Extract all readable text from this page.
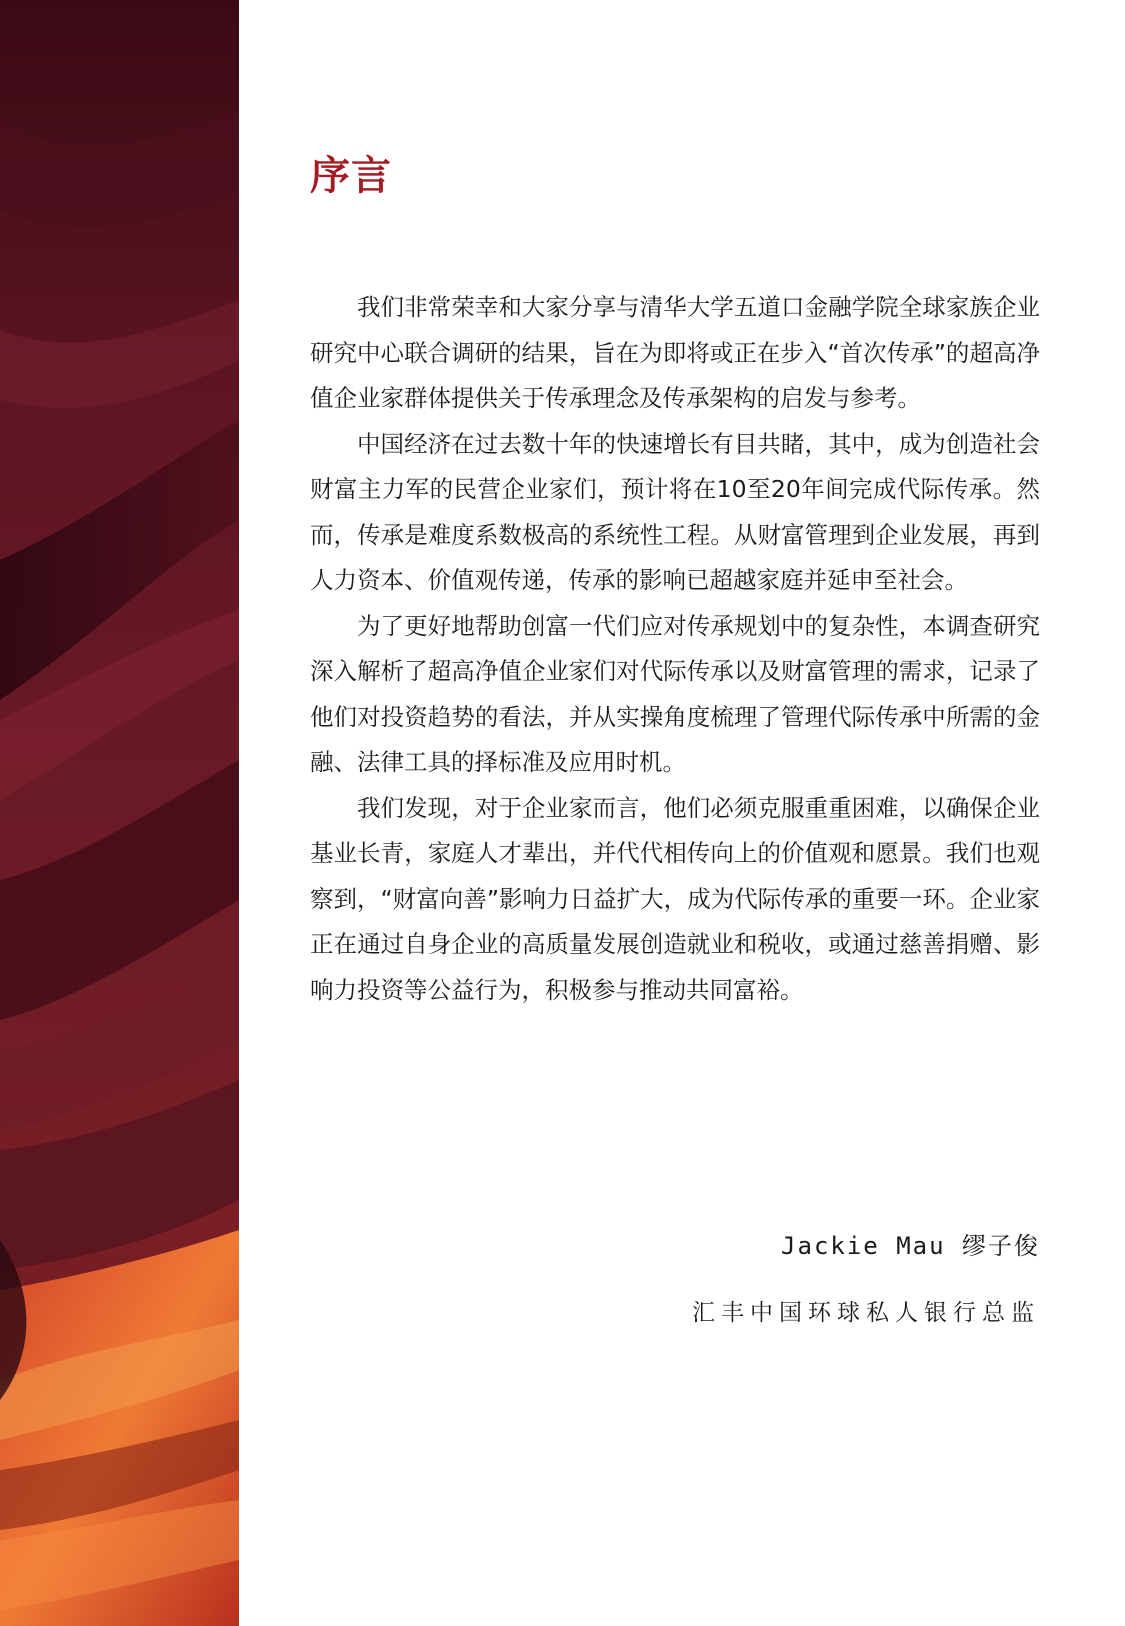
序言

我们非常荣幸和大家分享与清华大学五道口金融学院全球家族企业研究中心联合调研的结果，旨在为即将或正在步入“首次传承”的超高净值企业家群体提供关于传承理念及传承架构的启发与参考。

中国经济在过去数十年的快速增长有目共睹，其中，成为创造社会财富主力军的民营企业家们，预计将在10至20年间完成代际传承。然而，传承是难度系数极高的系统性工程。从财富管理到企业发展，再到人力资本、价值观传递，传承的影响已超越家庭并延申至社会。

为了更好地帮助创富一代们应对传承规划中的复杂性，本调查研究深入解析了超高净值企业家们对代际传承以及财富管理的需求，记录了他们对投资趋势的看法，并从实操角度梳理了管理代际传承中所需的金融、法律工具的择标准及应用时机。

我们发现，对于企业家而言，他们必须克服重重困难，以确保企业基业长青，家庭人才辈出，并代代相传向上的价值观和愿景。我们也观察到，“财富向善”影响力日益扩大，成为代际传承的重要一环。企业家正在通过自身企业的高质量发展创造就业和税收，或通过慈善捐赠、影响力投资等公益行为，积极参与推动共同富裕。

Jackie Mau 缪子俊
汇丰中国环球私人银行总监
